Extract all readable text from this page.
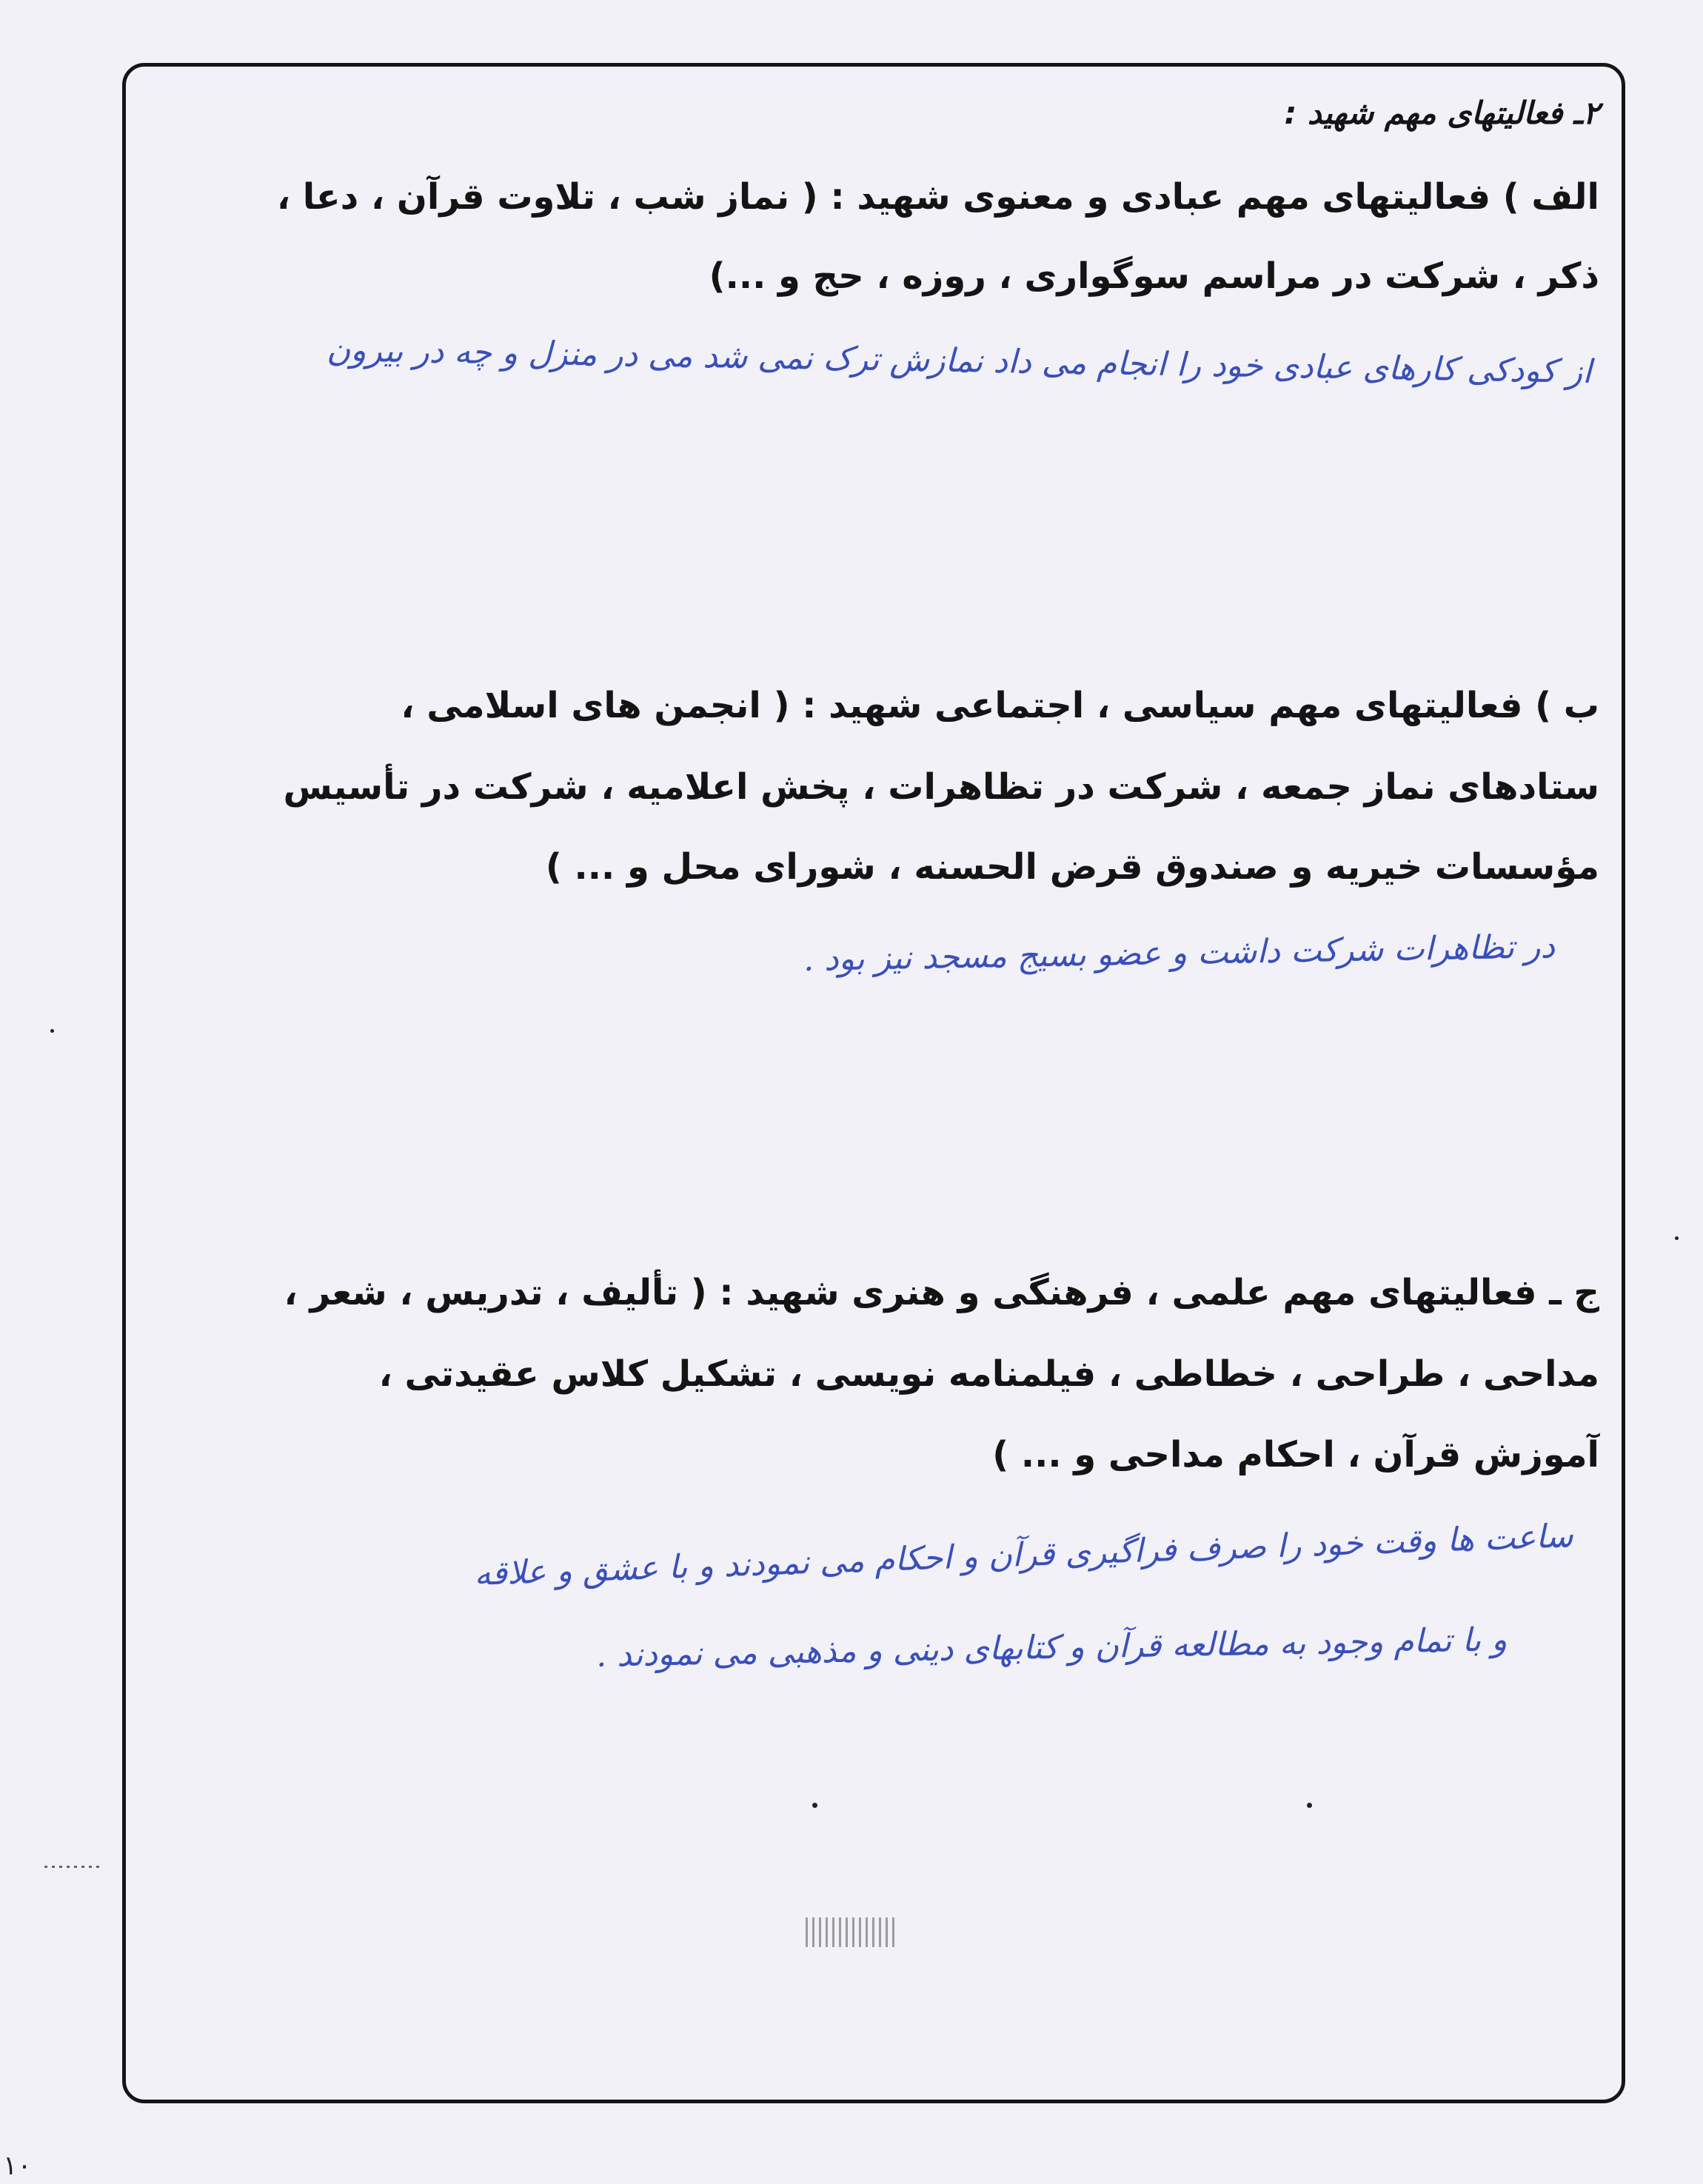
۲ـ فعالیتهای مهم شهید :
الف ) فعالیتهای مهم عبادی و معنوی شهید : ( نماز شب ، تلاوت قرآن ، دعا ،
ذکر ، شرکت در مراسم سوگواری ، روزه ، حج و ...)
از کودکی کارهای عبادی خود را انجام می داد نمازش ترک نمی شد می در منزل و چه در بیرون
ب ) فعالیتهای مهم سیاسی ، اجتماعی شهید : ( انجمن های اسلامی ،
ستادهای نماز جمعه ، شرکت در تظاهرات ، پخش اعلامیه ، شرکت در تأسیس
مؤسسات خیریه و صندوق قرض الحسنه ، شورای محل و ... )
در تظاهرات شرکت داشت و عضو بسیج مسجد نیز بود .
ج ـ فعالیتهای مهم علمی ، فرهنگی و هنری شهید : ( تألیف ، تدریس ، شعر ،
مداحی ، طراحی ، خطاطی ، فیلمنامه نویسی ، تشکیل کلاس عقیدتی ،
آموزش قرآن ، احکام مداحی و ... )
ساعت ها وقت خود را صرف فراگیری قرآن و احکام می نمودند و با عشق و علاقه
و با تمام وجود به مطالعه قرآن و کتابهای دینی و مذهبی می نمودند .
۱۰
